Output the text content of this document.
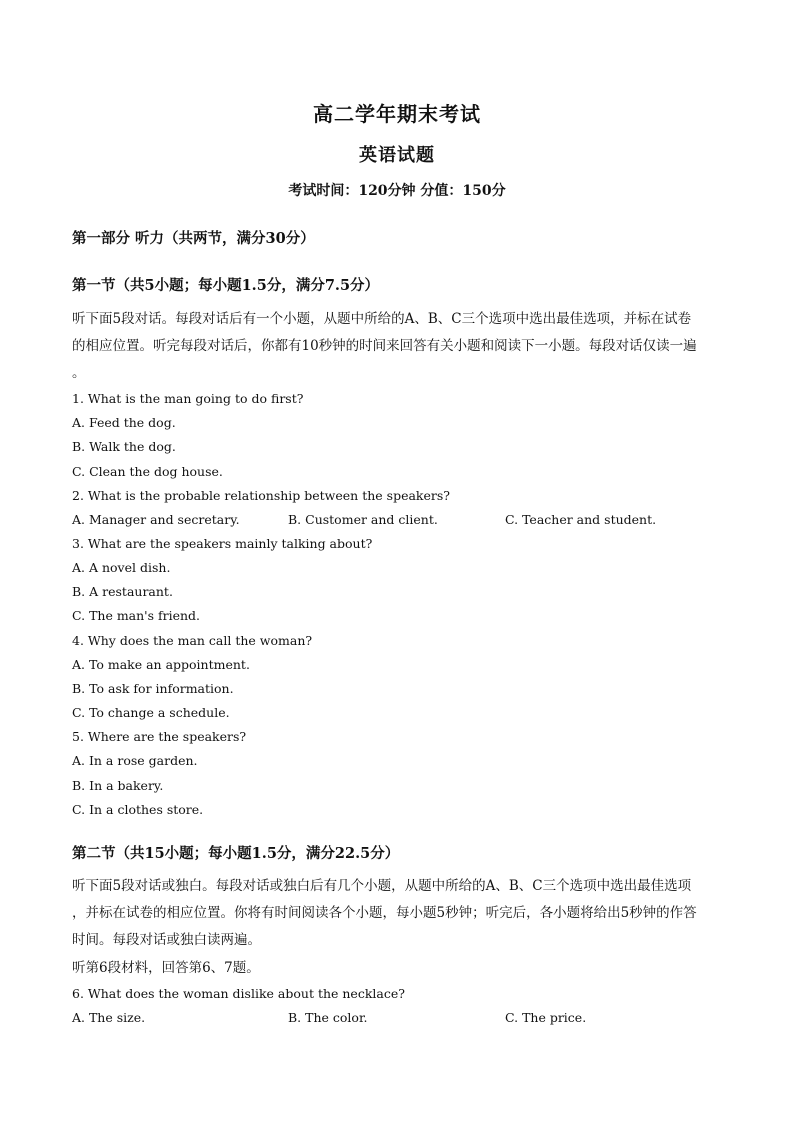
高二学年期末考试
英语试题
考试时间：120分钟 分值：150分
第一部分 听力（共两节，满分30分）
第一节（共5小题；每小题1.5分，满分7.5分）
听下面5段对话。每段对话后有一个小题，从题中所给的A、B、C三个选项中选出最佳选项，并标在试卷
的相应位置。听完每段对话后，你都有10秒钟的时间来回答有关小题和阅读下一小题。每段对话仅读一遍
。
1. What is the man going to do first?
A. Feed the dog.
B. Walk the dog.
C. Clean the dog house.
2. What is the probable relationship between the speakers?
A. Manager and secretary.	B. Customer and client.	C. Teacher and student.
3. What are the speakers mainly talking about?
A. A novel dish.
B. A restaurant.
C. The man's friend.
4. Why does the man call the woman?
A. To make an appointment.
B. To ask for information.
C. To change a schedule.
5. Where are the speakers?
A. In a rose garden.
B. In a bakery.
C. In a clothes store.
第二节（共15小题；每小题1.5分，满分22.5分）
听下面5段对话或独白。每段对话或独白后有几个小题，从题中所给的A、B、C三个选项中选出最佳选项
，并标在试卷的相应位置。你将有时间阅读各个小题，每小题5秒钟；听完后，各小题将给出5秒钟的作答
时间。每段对话或独白读两遍。
听第6段材料，回答第6、7题。
6. What does the woman dislike about the necklace?
A. The size.	B. The color.	C. The price.
